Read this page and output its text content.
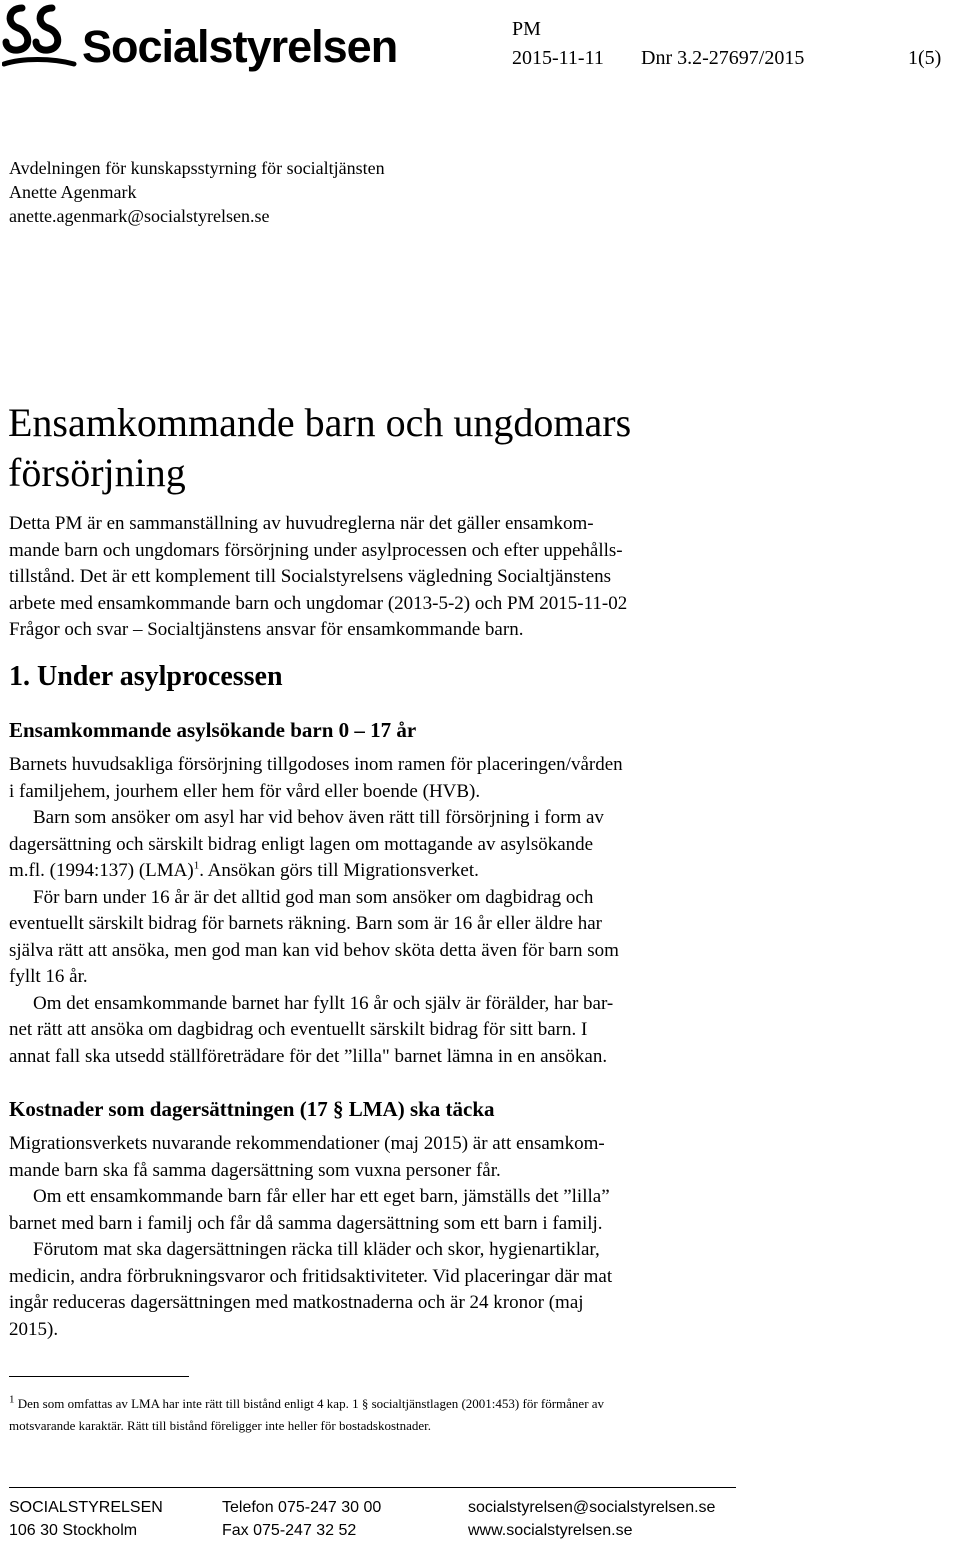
Socialstyrelsen	PM
2015-11-11 Dnr 3.2-27697/2015	1(5)
Avdelningen för kunskapsstyrning för socialtjänsten
Anette Agenmark
anette.agenmark@socialstyrelsen.se
Ensamkommande barn och ungdomars
försörjning
Detta PM är en sammanställning av huvudreglerna när det gäller ensamkom-
mande barn och ungdomars försörjning under asylprocessen och efter uppehålls-
tillstånd. Det är ett komplement till Socialstyrelsens vägledning Socialtjänstens
arbete med ensamkommande barn och ungdomar (2013-5-2) och PM 2015-11-02
Frågor och svar – Socialtjänstens ansvar för ensamkommande barn.
1. Under asylprocessen
Ensamkommande asylsökande barn 0 – 17 år
Barnets huvudsakliga försörjning tillgodoses inom ramen för placeringen/vården
i familjehem, jourhem eller hem för vård eller boende (HVB).
Barn som ansöker om asyl har vid behov även rätt till försörjning i form av
dagersättning och särskilt bidrag enligt lagen om mottagande av asylsökande
m.fl. (1994:137) (LMA)$^1$. Ansökan görs till Migrationsverket.
För barn under 16 år är det alltid god man som ansöker om dagbidrag och
eventuellt särskilt bidrag för barnets räkning. Barn som är 16 år eller äldre har
själva rätt att ansöka, men god man kan vid behov sköta detta även för barn som
fyllt 16 år.
Om det ensamkommande barnet har fyllt 16 år och själv är förälder, har bar-
net rätt att ansöka om dagbidrag och eventuellt särskilt bidrag för sitt barn. I
annat fall ska utsedd ställföreträdare för det ”lilla" barnet lämna in en ansökan.
Kostnader som dagersättningen (17 § LMA) ska täcka
Migrationsverkets nuvarande rekommendationer (maj 2015) är att ensamkom-
mande barn ska få samma dagersättning som vuxna personer får.
Om ett ensamkommande barn får eller har ett eget barn, jämställs det ”lilla”
barnet med barn i familj och får då samma dagersättning som ett barn i familj.
Förutom mat ska dagersättningen räcka till kläder och skor, hygienartiklar,
medicin, andra förbrukningsvaror och fritidsaktiviteter. Vid placeringar där mat
ingår reduceras dagersättningen med matkostnaderna och är 24 kronor (maj
2015).
$^1$ Den som omfattas av LMA har inte rätt till bistånd enligt 4 kap. 1 § socialtjänstlagen (2001:453) för förmåner av
motsvarande karaktär. Rätt till bistånd föreligger inte heller för bostadskostnader.
SOCIALSTYRELSEN
106 30 Stockholm
Telefon 075-247 30 00
Fax 075-247 32 52
socialstyrelsen@socialstyrelsen.se
www.socialstyrelsen.se
